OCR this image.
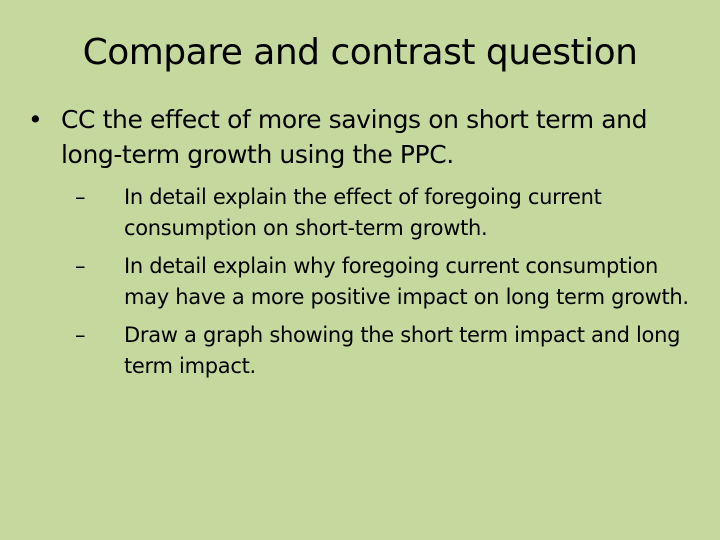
Compare and contrast question
• CC the effect of more savings on short term and long-term growth using the PPC.
– In detail explain the effect of foregoing current consumption on short-term growth.
– In detail explain why foregoing current consumption may have a more positive impact on long term growth.
– Draw a graph showing the short term impact and long term impact.
